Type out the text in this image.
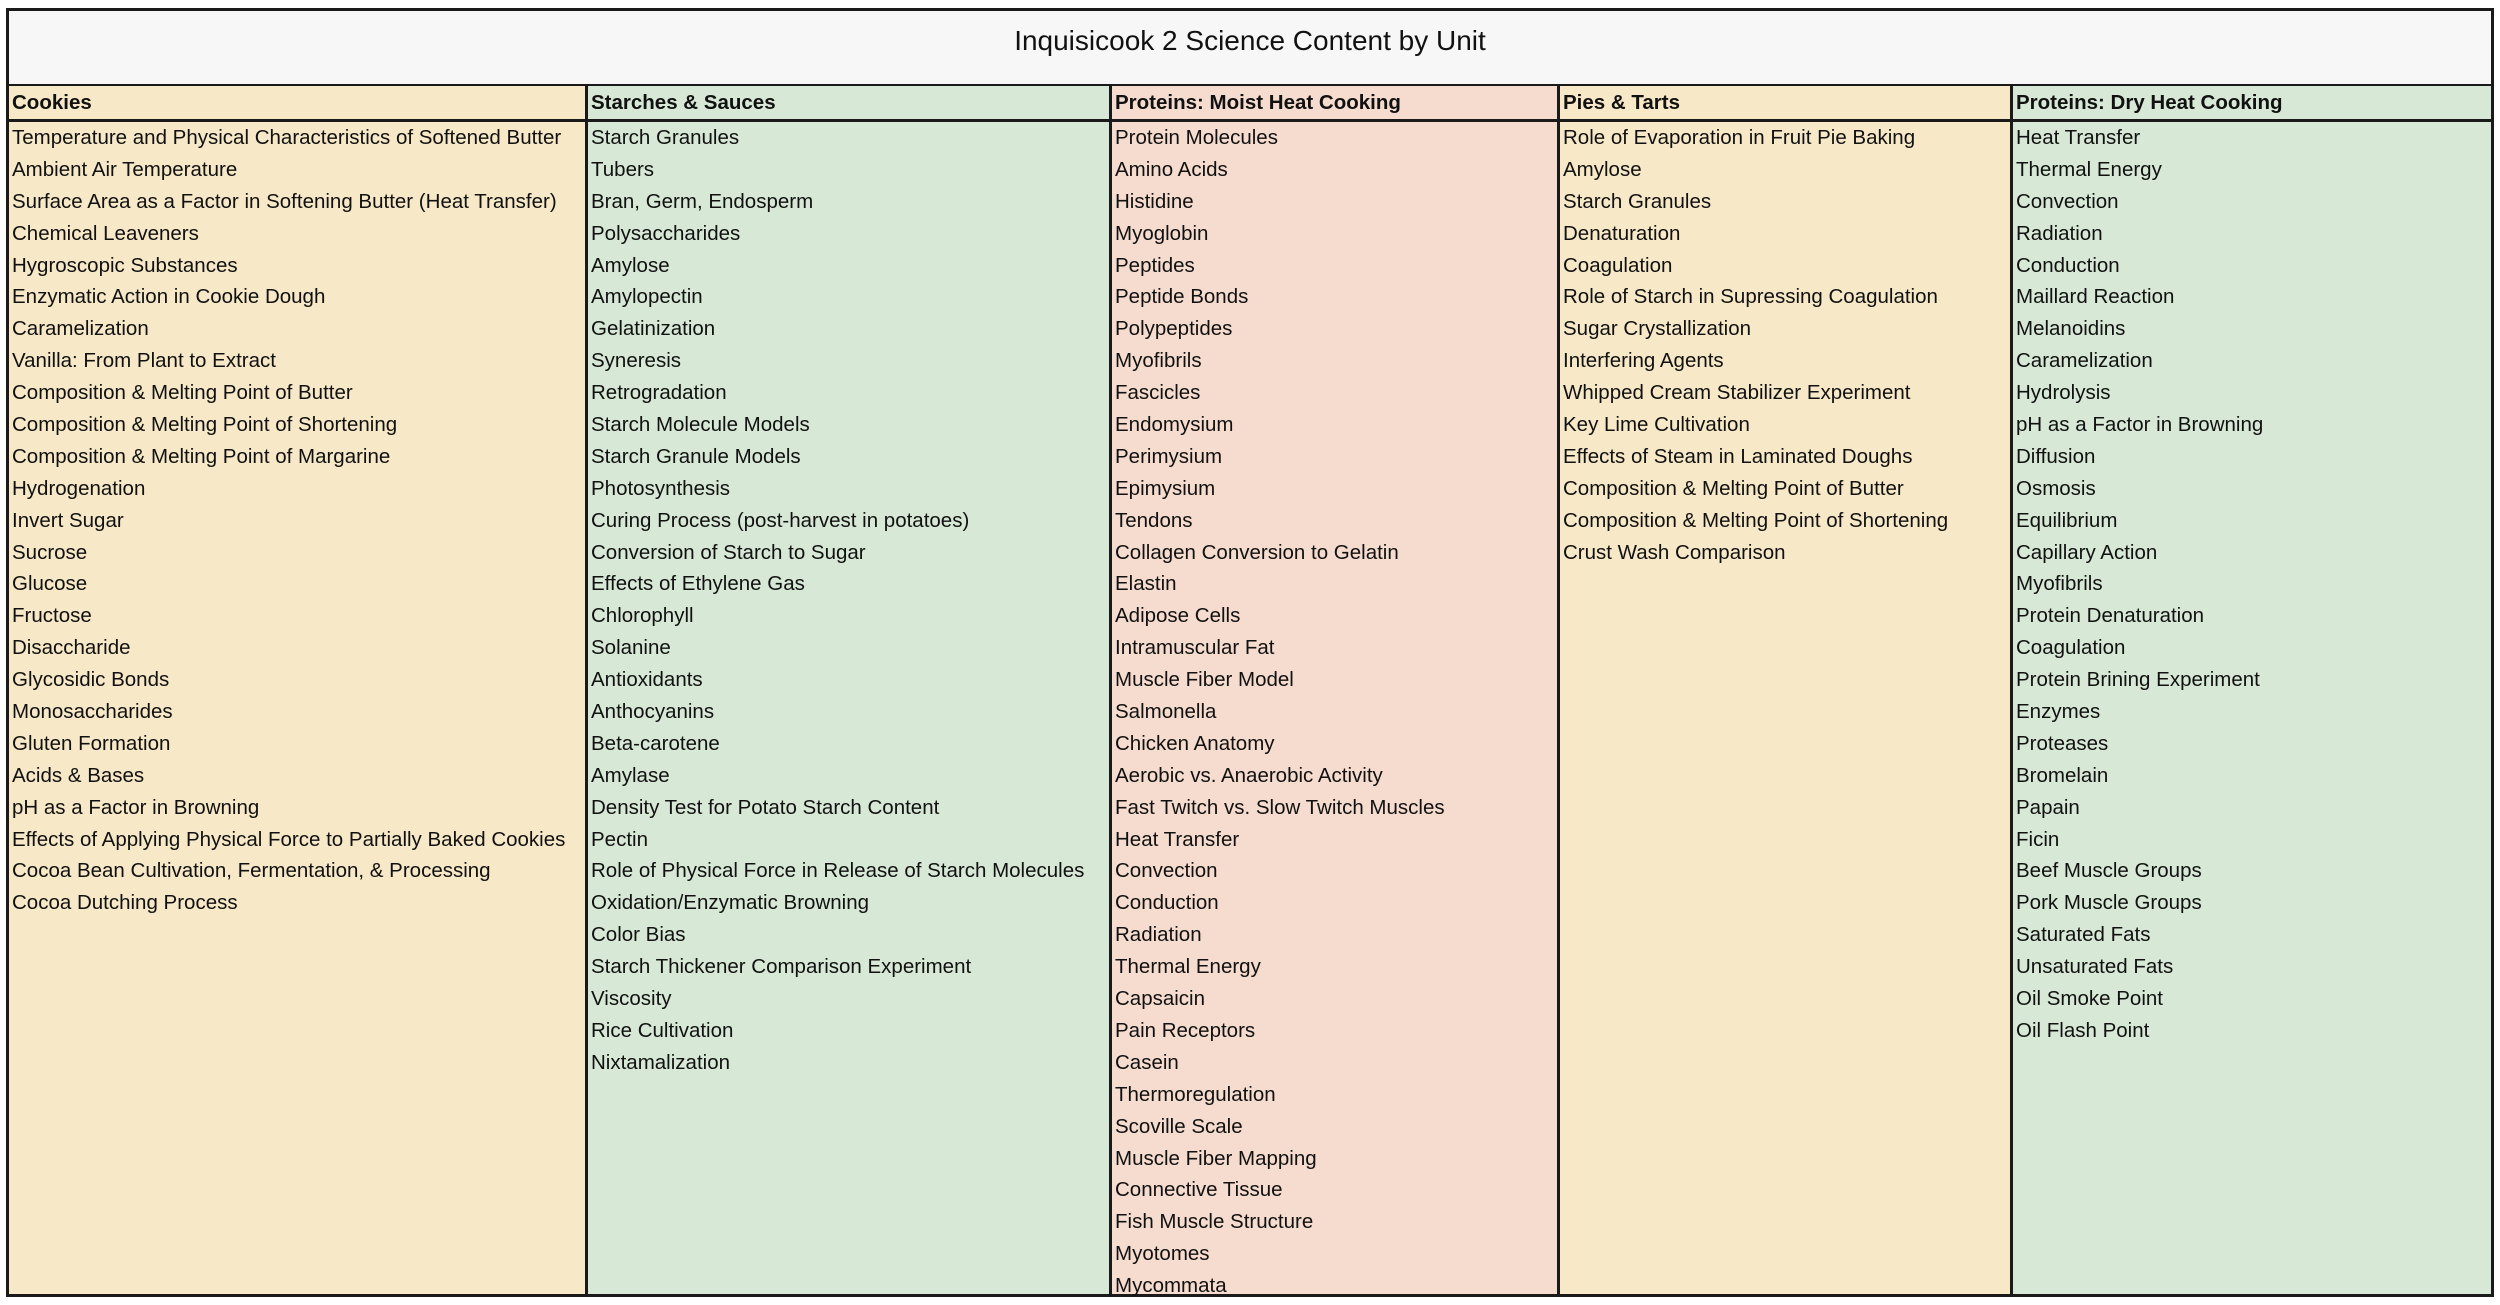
Inquisicook 2 Science Content by Unit
Cookies
Temperature and Physical Characteristics of Softened Butter
Ambient Air Temperature
Surface Area as a Factor in Softening Butter (Heat Transfer)
Chemical Leaveners
Hygroscopic Substances
Enzymatic Action in Cookie Dough
Caramelization
Vanilla: From Plant to Extract
Composition & Melting Point of Butter
Composition & Melting Point of Shortening
Composition & Melting Point of Margarine
Hydrogenation
Invert Sugar
Sucrose
Glucose
Fructose
Disaccharide
Glycosidic Bonds
Monosaccharides
Gluten Formation
Acids & Bases
pH as a Factor in Browning
Effects of Applying Physical Force to Partially Baked Cookies
Cocoa Bean Cultivation, Fermentation, & Processing
Cocoa Dutching Process
Starches & Sauces
Starch Granules
Tubers
Bran, Germ, Endosperm
Polysaccharides
Amylose
Amylopectin
Gelatinization
Syneresis
Retrogradation
Starch Molecule Models
Starch Granule Models
Photosynthesis
Curing Process (post-harvest in potatoes)
Conversion of Starch to Sugar
Effects of Ethylene Gas
Chlorophyll
Solanine
Antioxidants
Anthocyanins
Beta-carotene
Amylase
Density Test for Potato Starch Content
Pectin
Role of Physical Force in Release of Starch Molecules
Oxidation/Enzymatic Browning
Color Bias
Starch Thickener Comparison Experiment
Viscosity
Rice Cultivation
Nixtamalization
Proteins: Moist Heat Cooking
Protein Molecules
Amino Acids
Histidine
Myoglobin
Peptides
Peptide Bonds
Polypeptides
Myofibrils
Fascicles
Endomysium
Perimysium
Epimysium
Tendons
Collagen Conversion to Gelatin
Elastin
Adipose Cells
Intramuscular Fat
Muscle Fiber Model
Salmonella
Chicken Anatomy
Aerobic vs. Anaerobic Activity
Fast Twitch vs. Slow Twitch Muscles
Heat Transfer
Convection
Conduction
Radiation
Thermal Energy
Capsaicin
Pain Receptors
Casein
Thermoregulation
Scoville Scale
Muscle Fiber Mapping
Connective Tissue
Fish Muscle Structure
Myotomes
Mycommata
Pies & Tarts
Role of Evaporation in Fruit Pie Baking
Amylose
Starch Granules
Denaturation
Coagulation
Role of Starch in Supressing Coagulation
Sugar Crystallization
Interfering Agents
Whipped Cream Stabilizer Experiment
Key Lime Cultivation
Effects of Steam in Laminated Doughs
Composition & Melting Point of Butter
Composition & Melting Point of Shortening
Crust Wash Comparison
Proteins: Dry Heat Cooking
Heat Transfer
Thermal Energy
Convection
Radiation
Conduction
Maillard Reaction
Melanoidins
Caramelization
Hydrolysis
pH as a Factor in Browning
Diffusion
Osmosis
Equilibrium
Capillary Action
Myofibrils
Protein Denaturation
Coagulation
Protein Brining Experiment
Enzymes
Proteases
Bromelain
Papain
Ficin
Beef Muscle Groups
Pork Muscle Groups
Saturated Fats
Unsaturated Fats
Oil Smoke Point
Oil Flash Point
